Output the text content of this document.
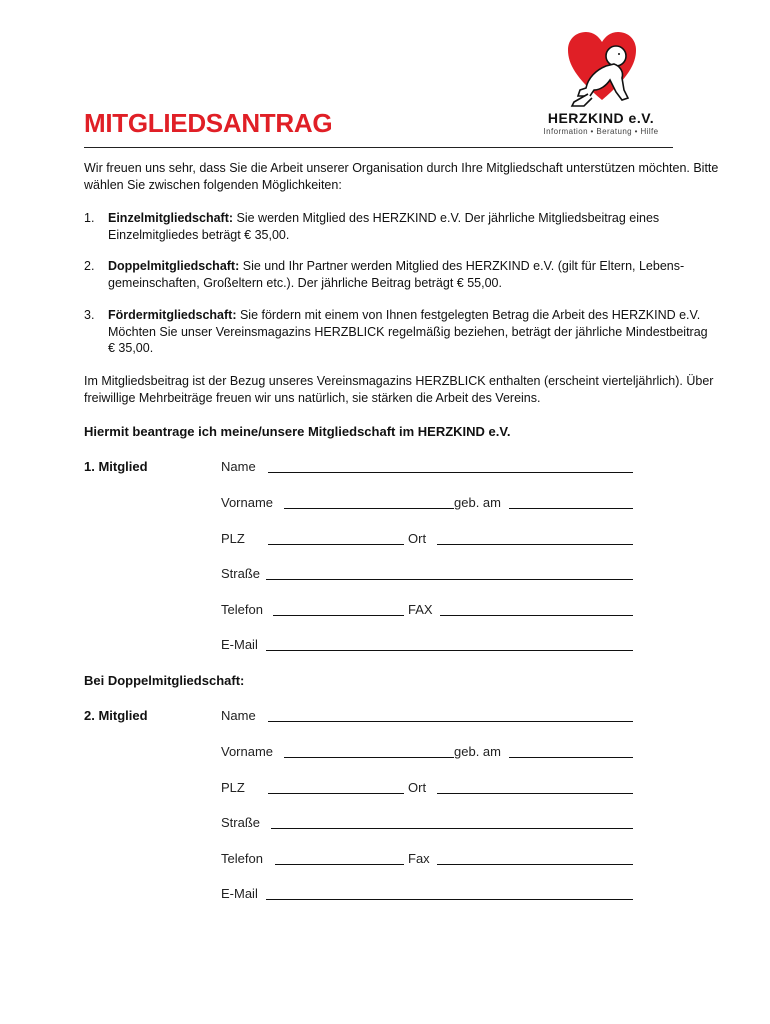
HERZKIND e.V.
Information • Beratung • Hilfe
MITGLIEDSANTRAG
Wir freuen uns sehr, dass Sie die Arbeit unserer Organisation durch Ihre Mitgliedschaft unterstützen möchten. Bitte wählen Sie zwischen folgenden Möglichkeiten:
1. Einzelmitgliedschaft: Sie werden Mitglied des HERZKIND e.V. Der jährliche Mitgliedsbeitrag eines Einzelmitgliedes beträgt € 35,00.
2. Doppelmitgliedschaft: Sie und Ihr Partner werden Mitglied des HERZKIND e.V. (gilt für Eltern, Lebens-gemeinschaften, Großeltern etc.). Der jährliche Beitrag beträgt € 55,00.
3. Fördermitgliedschaft: Sie fördern mit einem von Ihnen festgelegten Betrag die Arbeit des HERZKIND e.V. Möchten Sie unser Vereinsmagazins HERZBLICK regelmäßig beziehen, beträgt der jährliche Mindestbeitrag € 35,00.
Im Mitgliedsbeitrag ist der Bezug unseres Vereinsmagazins HERZBLICK enthalten (erscheint vierteljährlich). Über freiwillige Mehrbeiträge freuen wir uns natürlich, sie stärken die Arbeit des Vereins.
Hiermit beantrage ich meine/unsere Mitgliedschaft im HERZKIND e.V.
1. Mitglied	Name
Vorname	geb. am
PLZ	Ort
Straße
Telefon	FAX
E-Mail
Bei Doppelmitgliedschaft:
2. Mitglied	Name
Vorname	geb. am
PLZ	Ort
Straße
Telefon	Fax
E-Mail
